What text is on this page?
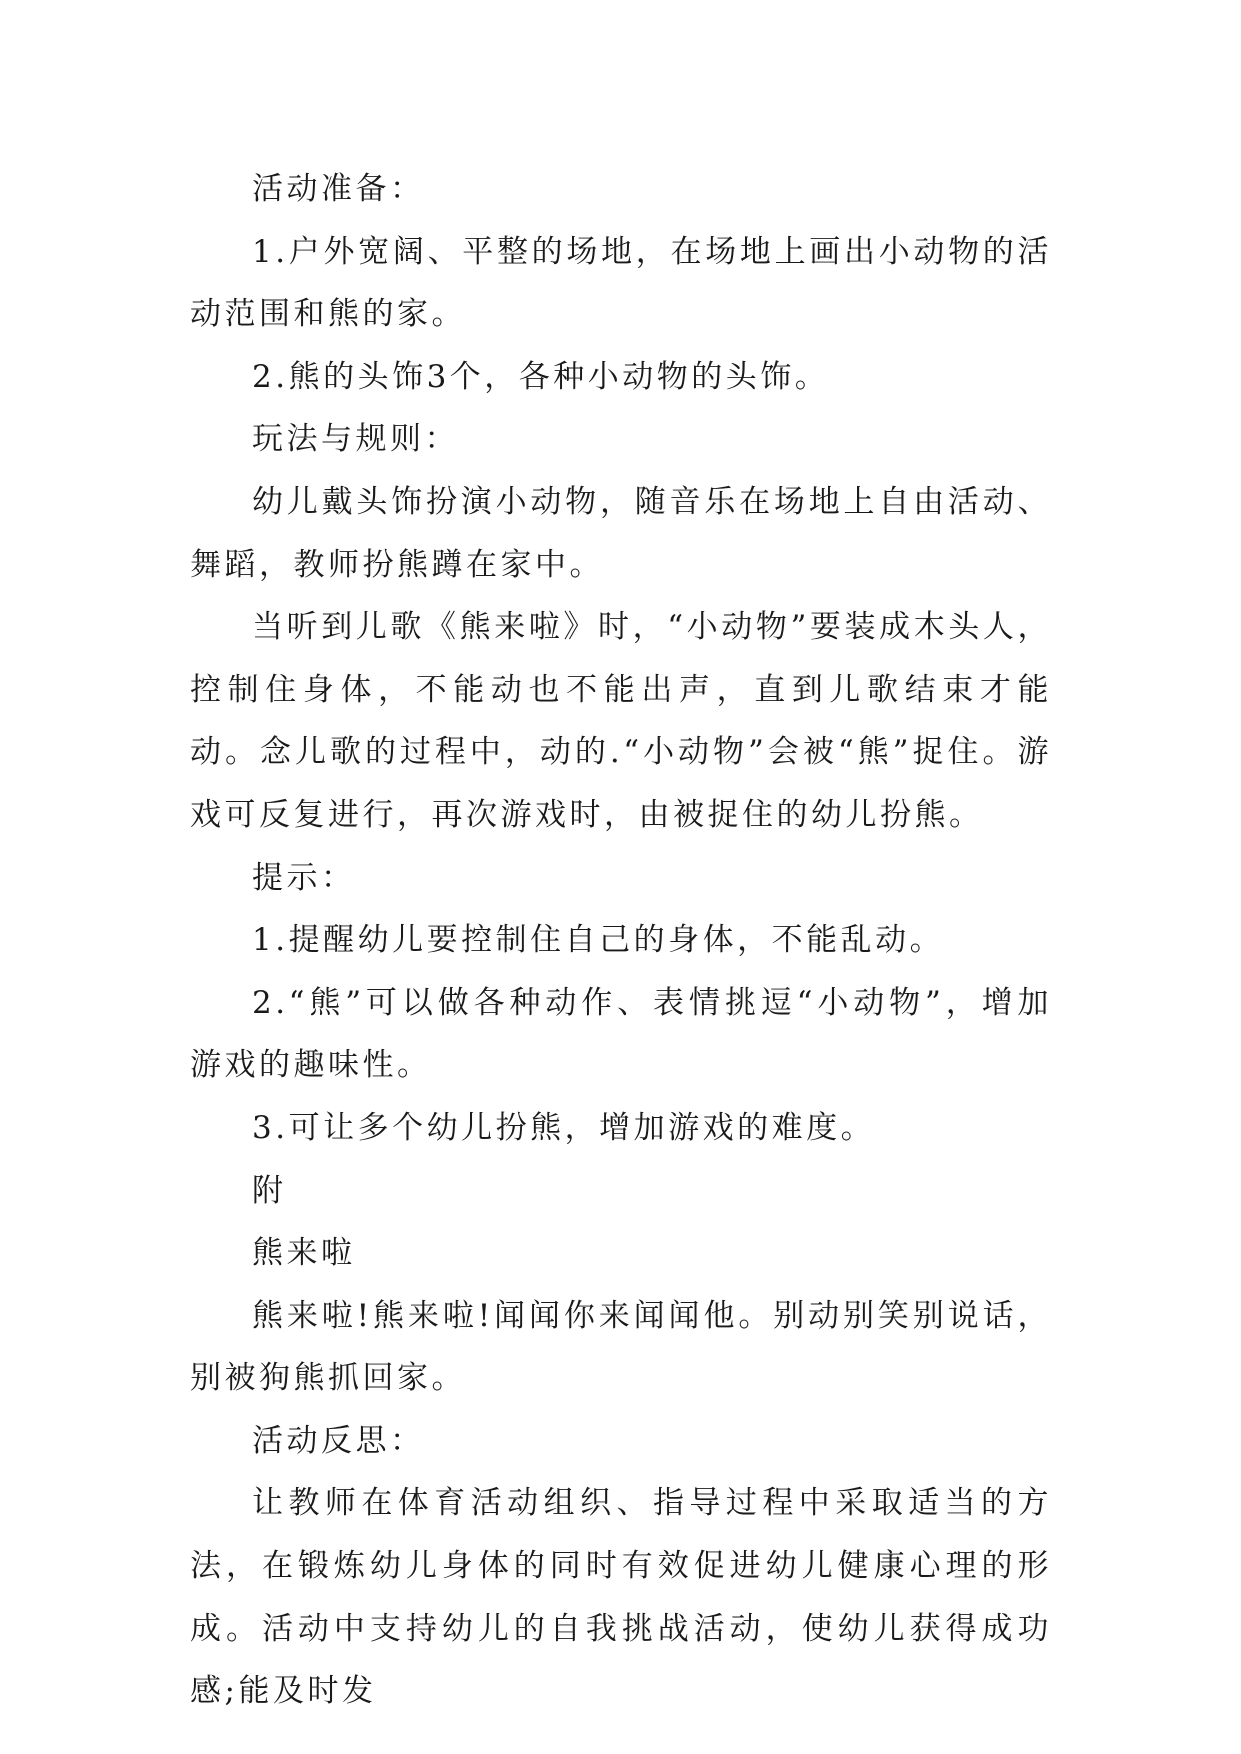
活动准备：

1.户外宽阔、平整的场地，在场地上画出小动物的活动范围和熊的家。

2.熊的头饰3个，各种小动物的头饰。

玩法与规则：

幼儿戴头饰扮演小动物，随音乐在场地上自由活动、舞蹈，教师扮熊蹲在家中。

当听到儿歌《熊来啦》时，“小动物”要装成木头人，控制住身体，不能动也不能出声，直到儿歌结束才能动。念儿歌的过程中，动的.“小动物”会被“熊”捉住。游戏可反复进行，再次游戏时，由被捉住的幼儿扮熊。

提示：

1.提醒幼儿要控制住自己的身体，不能乱动。

2.“熊”可以做各种动作、表情挑逗“小动物”，增加游戏的趣味性。

3.可让多个幼儿扮熊，增加游戏的难度。

附

熊来啦

熊来啦!熊来啦!闻闻你来闻闻他。别动别笑别说话，别被狗熊抓回家。

活动反思：

让教师在体育活动组织、指导过程中采取适当的方法，在锻炼幼儿身体的同时有效促进幼儿健康心理的形成。活动中支持幼儿的自我挑战活动，使幼儿获得成功感;能及时发
